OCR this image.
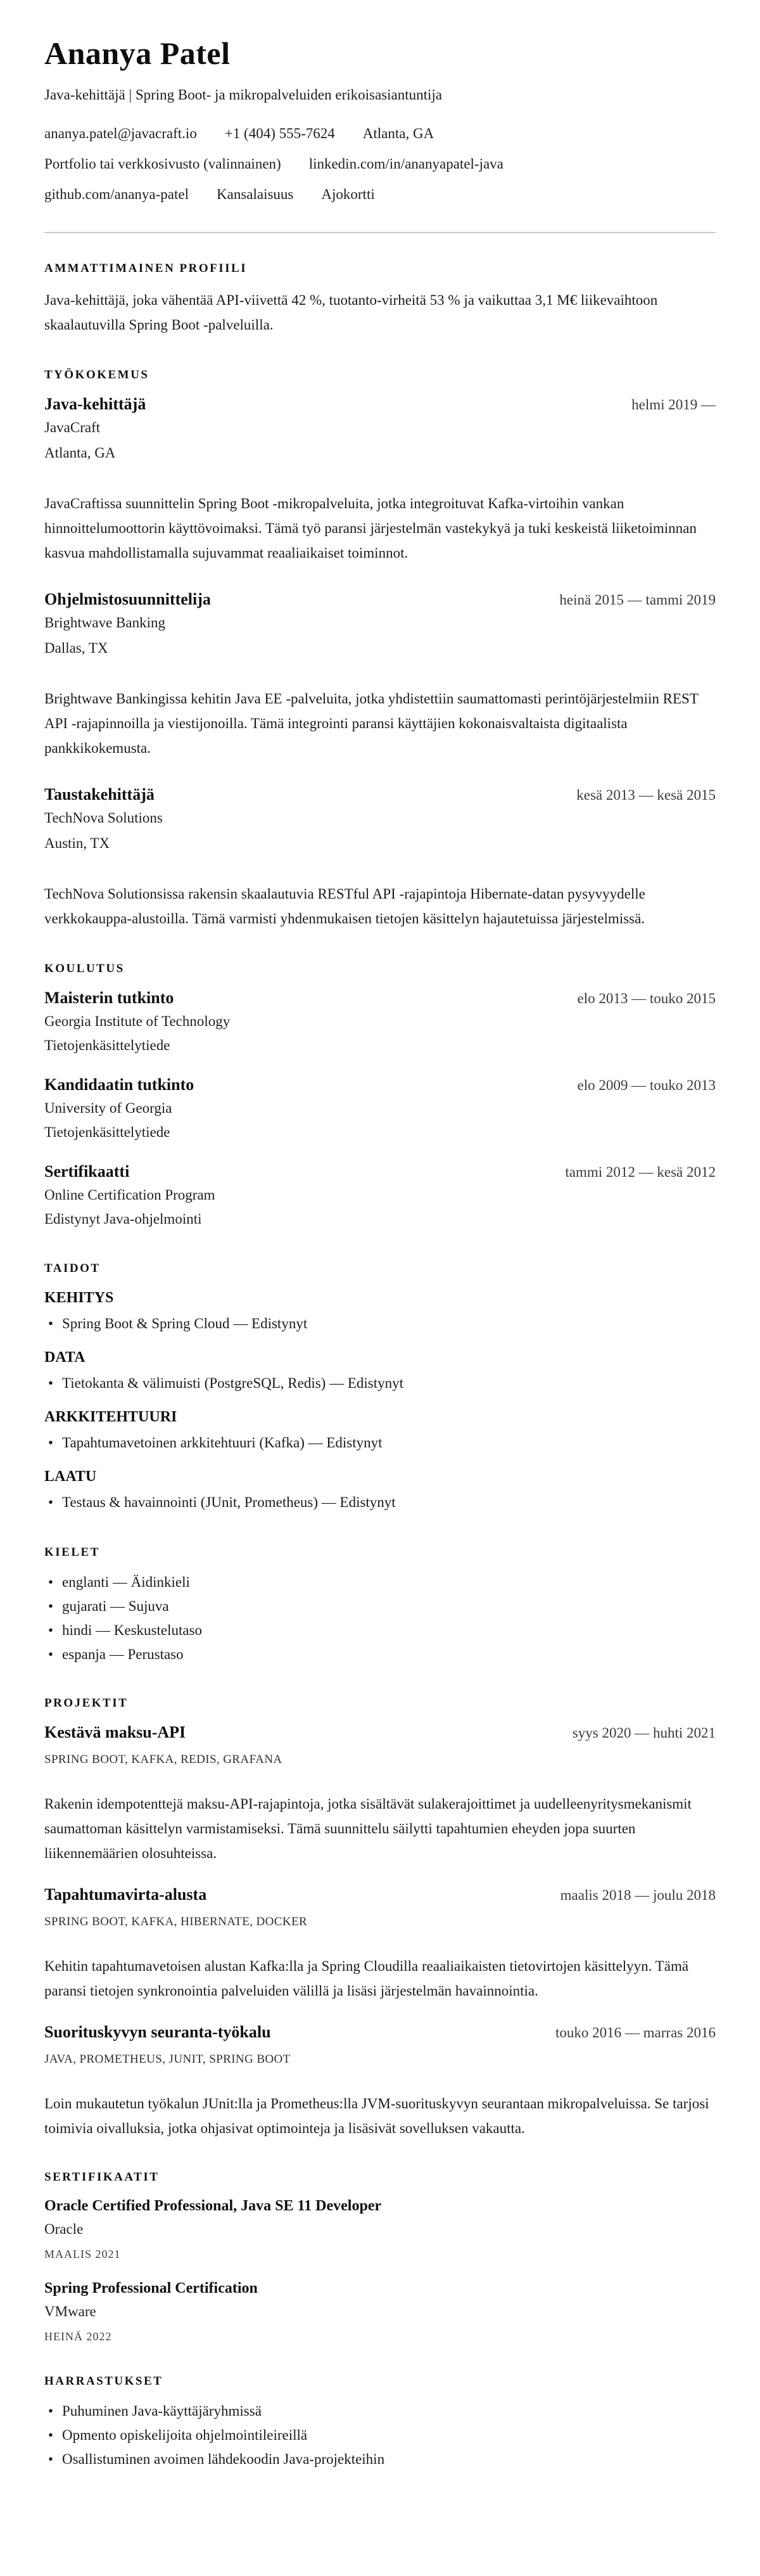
Ananya Patel
Java-kehittäjä | Spring Boot- ja mikropalveluiden erikoisasiantuntija
ananya.patel@javacraft.io +1 (404) 555-7624 Atlanta, GA
Portfolio tai verkkosivusto (valinnainen) linkedin.com/in/ananyapatel-java
github.com/ananya-patel Kansalaisuus Ajokortti
AMMATTIMAINEN PROFIILI

Java-kehittäjä, joka vähentää API-viivettä 42 %, tuotanto-virheitä 53 % ja vaikuttaa 3,1 M€ liikevaihtoon skaalautuvilla Spring Boot -palveluilla.

TYÖKOKEMUS
Java-kehittäjä	helmi 2019 —
JavaCraft
Atlanta, GA

JavaCraftissa suunnittelin Spring Boot -mikropalveluita, jotka integroituvat Kafka-virtoihin vankan hinnoittelumoottorin käyttövoimaksi. Tämä työ paransi järjestelmän vastekykyä ja tuki keskeistä liiketoiminnan kasvua mahdollistamalla sujuvammat reaaliaikaiset toiminnot.

Ohjelmistosuunnittelija	heinä 2015 — tammi 2019
Brightwave Banking
Dallas, TX

Brightwave Bankingissa kehitin Java EE -palveluita, jotka yhdistettiin saumattomasti perintöjärjestelmiin REST API -rajapinnoilla ja viestijonoilla. Tämä integrointi paransi käyttäjien kokonaisvaltaista digitaalista pankkikokemusta.

Taustakehittäjä	kesä 2013 — kesä 2015
TechNova Solutions
Austin, TX

TechNova Solutionsissa rakensin skaalautuvia RESTful API -rajapintoja Hibernate-datan pysyvyydelle verkkokauppa-alustoilla. Tämä varmisti yhdenmukaisen tietojen käsittelyn hajautetuissa järjestelmissä.

KOULUTUS
Maisterin tutkinto	elo 2013 — touko 2015
Georgia Institute of Technology
Tietojenkäsittelytiede
Kandidaatin tutkinto	elo 2009 — touko 2013
University of Georgia
Tietojenkäsittelytiede
Sertifikaatti	tammi 2012 — kesä 2012
Online Certification Program
Edistynyt Java-ohjelmointi
TAIDOT
KEHITYS
• Spring Boot & Spring Cloud — Edistynyt
DATA
• Tietokanta & välimuisti (PostgreSQL, Redis) — Edistynyt
ARKKITEHTUURI
• Tapahtumavetoinen arkkitehtuuri (Kafka) — Edistynyt
LAATU
• Testaus & havainnointi (JUnit, Prometheus) — Edistynyt
KIELET
• englanti — Äidinkieli
• gujarati — Sujuva
• hindi — Keskustelutaso
• espanja — Perustaso
PROJEKTIT
Kestävä maksu-API	syys 2020 — huhti 2021
SPRING BOOT, KAFKA, REDIS, GRAFANA

Rakenin idempotenttejä maksu-API-rajapintoja, jotka sisältävät sulakerajoittimet ja uudelleenyritysmekanismit saumattoman käsittelyn varmistamiseksi. Tämä suunnittelu säilytti tapahtumien eheyden jopa suurten liikennemäärien olosuhteissa.

Tapahtumavirta-alusta	maalis 2018 — joulu 2018
SPRING BOOT, KAFKA, HIBERNATE, DOCKER

Kehitin tapahtumavetoisen alustan Kafka:lla ja Spring Cloudilla reaaliaikaisten tietovirtojen käsittelyyn. Tämä paransi tietojen synkronointia palveluiden välillä ja lisäsi järjestelmän havainnointia.

Suorituskyvyn seuranta-työkalu	touko 2016 — marras 2016
JAVA, PROMETHEUS, JUNIT, SPRING BOOT

Loin mukautetun työkalun JUnit:lla ja Prometheus:lla JVM-suorituskyvyn seurantaan mikropalveluissa. Se tarjosi toimivia oivalluksia, jotka ohjasivat optimointeja ja lisäsivät sovelluksen vakautta.

SERTIFIKAATIT
Oracle Certified Professional, Java SE 11 Developer
Oracle
MAALIS 2021
Spring Professional Certification
VMware
HEINÄ 2022
HARRASTUKSET
• Puhuminen Java-käyttäjäryhmissä
• Opmento opiskelijoita ohjelmointileireillä
• Osallistuminen avoimen lähdekoodin Java-projekteihin
